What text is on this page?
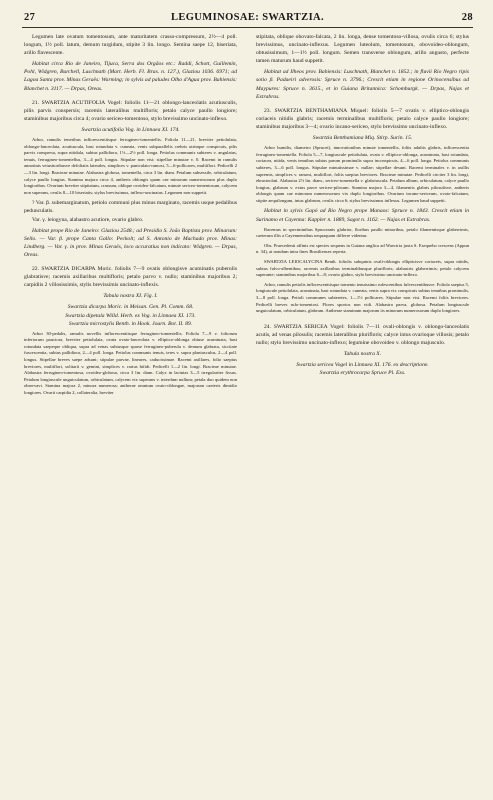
27	LEGUMINOSAE: SWARTZIA.	28

Legumen late ovatum tomentosum, ante maturitatem crasso-compressum, 2½—4 poll. longum, 1½ poll. latum, demum turgidum, stipite 3 lin. longo. Semina saepe 12, biseriata, arillo flavescente.

Habitat circa Rio de Janeiro, Tijuca, Serra dos Orgãos etc.: Raddi, Schott, Guillemin, Pohl, Widgren, Burchell, Luschnath (Mart. Herb. Fl. Bras. n. 127.), Glaziou 1036. 6971; ad Lagoa Santa prov. Minas Geraës: Warming; in sylvis ad paludes Olho d'Agua prov. Bahiensis: Blanchet n. 3117. — Drpas, Oreas.

21. SWARTZIA ACUTIFOLIA Vogel: foliolis 11—21 oblongo-lanceolatis acutiusculis, pilis parvis conspersis; racemis lateralibus multifloris; petalo calyce paullo longiore; staminibus majoribus circa 4; ovario sericeo-tomentoso, stylo brevissimo uncinato-inflexo.

Swartzia acutifolia Vog. in Linnaea XI. 174.

Arbor, ramulis teneribus inflorescentiisque ferrugineo-tomentellis. Foliola 11—21, breviter petiolulata, oblongo-lanceolata, acutiuscula, basi rotundata v. cuneata, venis subparallelis crebris utrinque conspicuis, pilis parvis conspersa, supra nitidula, subtus pallidiora, 1½—2½ poll. longa. Petiolus communis subteres v. angulatus, tenuis, ferrugineo-tomentellus, 3—4 poll. longus. Stipulae non visi; stipellae minutae v. 0. Racemi in ramulis annotinis vetustioribusve defoliatis laterales, simplices v. paniculato-ramosi, 5—6-pollicares, multiflori. Pedicelli 2—3 lin. longi. Bracteae minutae. Alabastra globosa, tomentella, circa 3 lin. diam. Petalum subsessile, orbiculatum, calyce paullo longius. Stamina majora circa 4, antheris oblongis quam cae minorum numerosorum plus duplo longioribus. Ovarium breviter stipitatum, crassum, oblique ovoideo-falcatum, minute sericeo-tomentosum, calycem non superans, ovulis 8—10 biseriatis; stylus brevissimus, inflexo-uncinatus. Legumen non suppetit.

? Var. β. subemarginatum, petiolo communi plus minus marginato, racemis usque pedalibus pedunculatis.

Var. γ. leiogyna, alabastro acutiore, ovario glabro.

Habitat prope Rio de Janeiro: Glaziou 2548.; ad Presidio S. João Baptista prov. Minarum: Sello. — Var. β. prope Canta Gallo: Peckolt; ad S. Antonio de Machado prov. Minas: Lindberg. — Var. γ. in prov. Minas Geraës, loco accuratius non indicato: Widgren. — Drpas, Oreas.

22. SWARTZIA DICARPA Moric. foliolis 7—9 ovatis oblongisve acuminatis puberulis glabratisve; racemis axillaribus multifloris; petalo parvo v. nullo; staminibus majoribus 2; carpidiis 2 villosissimis, stylis brevissimis uncinato-inflexis.

Tabula nostra XI. Fig. I.

Swartzia dicarpa Moric. in Meisan. Gen. Pl. Comm. 68.

Swartzia dipetala Willd. Herb. ex Vog. in Linnaea XI. 173.

Swartzia microstylis Benth. in Hook. Journ. Bot. II. 89.

Arbor 30-pedalis, ramulis novellis inflorescentiisque ferrugineo-tomentellis. Foliola 7—9 v. foliorum inferiorum pauciora, breviter petiolulata, ovata ovato-lanceolata v. elliptico-oblonga obtuse acuminata, basi rotundata saepeque obliqua, supra ad venas subtusque sparse ferrugineo-puberula v. demum glabrata, siccitate fuscescentia, subtus pallidiora, 2—4 poll. longa. Petiolus communis tenuis, teres v. supra planiusculus, 2—4 poll. longus. Stipellae breves saepe adsunt; stipulae parvae, lineares, caducissimae. Racemi axillares, folio saepius breviores, multiflori, solitarii v. gemini, simplices v. rarius bifidi. Pedicelli 1—2 lin. longi. Bracteae minutae. Alabastra ferrugineo-tomentosa, ovoideo-globosa, circa 3 lin. diam. Calyx in lacinias 3—5 irregulariter fissus. Petalum longiuscule unguiculatum, orbiculatum, calycem vix superans v. interdum nullum; petala duo quidem non observavi. Stamina majora 2, minora numerosa; antherae omnium ovato-oblongae, majorum caeteris dimidio longiores. Ovarii carpidia 2, collateralia, breviter

stipitata, oblique obovato-falcata, 2 lin. longa, dense tomentoso-villosa, ovulis circa 6; stylus brevissimus, uncinato-inflexus. Legumen luteolum, tomentosum, obovoideo-oblongum, obtusissimum, 1—1½ poll. longum. Semen transverse oblongum, arillo angusto, perfecte tamen maturum haud suppetit.

Habitat ad Ilheos prov. Bahiensis: Luschnath, Blanchet n. 1852.; in fluvii Rio Negro ripis sotio β. Padaeiri adverosis: Spruce n. 3796.; Crescit etiam in regione Orinocensibus ad Maypures: Spruce n. 3615., et in Guiana Britannica: Schomburgk. — Drpas, Najas et Extrabras.

23. SWARTZIA BENTHAMIANA Miquel: foliolis 5—7 ovatis v. elliptico-oblongis coriaceis nitidis glabris; racemis terminalibus multifloris; petalo calyce paullo longiore; staminibus majoribus 3—4; ovario incano-sericeo, stylo brevissimo uncinato-inflexo.

Swartzia Benthamiana Miq. Stirp. Surin. 15.

Arbor humilis, diametro (Sprucei), innovationibus minute tomentellis, foliis adultis glabris, inflorescentia ferrugineo-tomentella. Foliola 5—7, longiuscule petiolulata, ovata v. elliptico-oblonga, acuminata, basi rotundata, coriacea, nitida, venis tenuibus subtus parum prominulis supra inconspicuis, 4—6 poll. longa. Petiolus communis subteres, 3—6 poll. longus. Stipulae minutissimae v. nullae; stipellae desunt. Racemi terminales v. in axillis supremis, simplices v. ramosi, multiflori, foliis saepius breviores. Bracteae minutae. Pedicelli circiter 3 lin. longi, ebracteolati. Alabastra 2½ lin. diam., sericeo-tomentella v. glabriuscula. Petalum album, orbiculatum, calyce paullo longius, glabrum v. extus parce sericeo-pilosum. Stamina majora 3—4, filamentis glabris pilosulisve, antheris oblongis quam cae minorum numerosorum vix duplo longioribus. Ovarium incano-sericeum, ovato-falcatum, stipite aequilongum, intus glabrum, ovulis circa 6; stylus brevissimus inflexus. Legumen haud suppetit.

Habitat in sylvis Gapó ad Rio Negro prope Manaos: Spruce n. 1843. Crescit etiam in Surinamo et Cayenna: Kappler n. 1889, Sagot n. 1162. — Najas et Extrabras.

Racemus in speciminibus Spruceanis glabrior, floribus paullo minoribus, petalo filamentisque glaberrimis, caeterum illis a Cayennensibus nequaquam differre videntur.

Obs. Praecedenti affinis est species sequens in Guiana anglica ad Waeciria juxta S. Esequebo crescens (Appun n. 34), at nondum intra fines Brasilienses reperta.

SWARTZIA LEIOCALYCINA Benth. foliolis subquinis ovali-oblongis ellipticisve coriaceis, supra nitidis, subtus fulvo-albentibus; racemis axillaribus terminalibusque plurifloris; alabastris glaberrimis; petalo calycem superante; staminibus majoribus 6—8; ovario glabro, stylo brevissimo uncinato-inflexo.

Arbor, ramulis petiolis inflorescentiisque tomento tenuissimo rufescentibus fulvescentibusve. Foliola saepius 5, longiuscule petiolulata, acuminata, basi rotundata v. cuneata, venis supra vix conspicuis subtus tenuibus prominulis, 3—8 poll. longa. Petioli communes subteretes, 1—1½ pollicares. Stipulae non visi. Racemi foliis breviores. Pedicelli breves rufo-tomentosi. Flores sportos non vidi. Alabastra parva, globosa. Petalum longiuscule unguiculatum, orbiculatum, glabrum. Antherae staminum majorum iis minorum numerosorum duplo longiores.

24. SWARTZIA SERICEA Vogel: foliolis 7—11 ovali-oblongis v. oblongo-lanceolatis acutis, ad venas pilosulis; racemis lateralibus plurifloris; calyce intus ovarioque villosis; petalo nullo; stylo brevissimo uncinato-inflexo; legumine obovoideo v. oblongo majusculo.

Tabula nostra X.

Swartzia sericea Vogel in Linnaea XI. 176. ex descriptione.

Swartzia erythrocarpa Spruce Pl. Exs.
